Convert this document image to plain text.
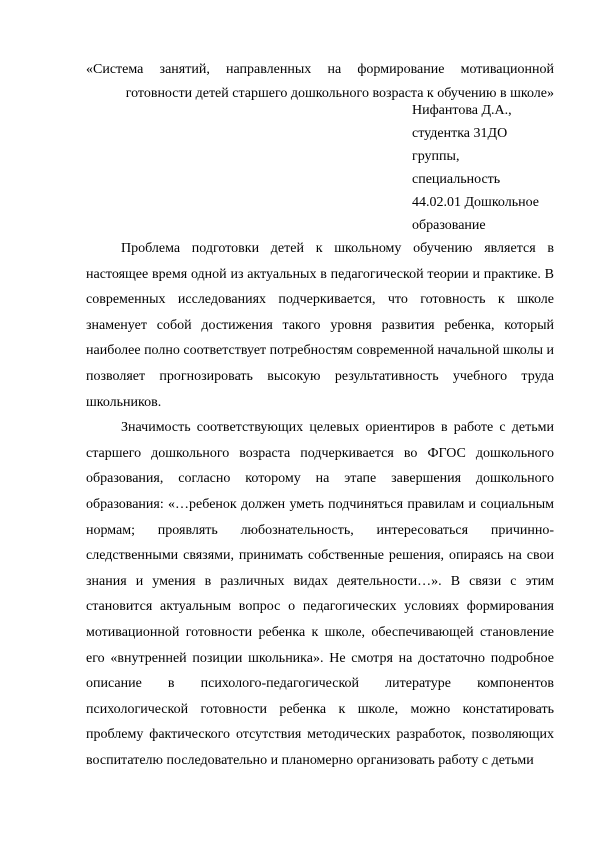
«Система занятий, направленных на формирование мотивационной готовности детей старшего дошкольного возраста к обучению в школе»
Нифантова Д.А.,
студентка 31ДО
группы,
специальность
44.02.01 Дошкольное
образование

Проблема подготовки детей к школьному обучению является в настоящее время одной из актуальных в педагогической теории и практике. В современных исследованиях подчеркивается, что готовность к школе знаменует собой достижения такого уровня развития ребенка, который наиболее полно соответствует потребностям современной начальной школы и позволяет прогнозировать высокую результативность учебного труда школьников.

Значимость соответствующих целевых ориентиров в работе с детьми старшего дошкольного возраста подчеркивается во ФГОС дошкольного образования, согласно которому на этапе завершения дошкольного образования: «…ребенок должен уметь подчиняться правилам и социальным нормам; проявлять любознательность, интересоваться причинно-следственными связями, принимать собственные решения, опираясь на свои знания и умения в различных видах деятельности…». В связи с этим становится актуальным вопрос о педагогических условиях формирования мотивационной готовности ребенка к школе, обеспечивающей становление его «внутренней позиции школьника». Не смотря на достаточно подробное описание в психолого-педагогической литературе компонентов психологической готовности ребенка к школе, можно констатировать проблему фактического отсутствия методических разработок, позволяющих воспитателю последовательно и планомерно организовать работу с детьми
